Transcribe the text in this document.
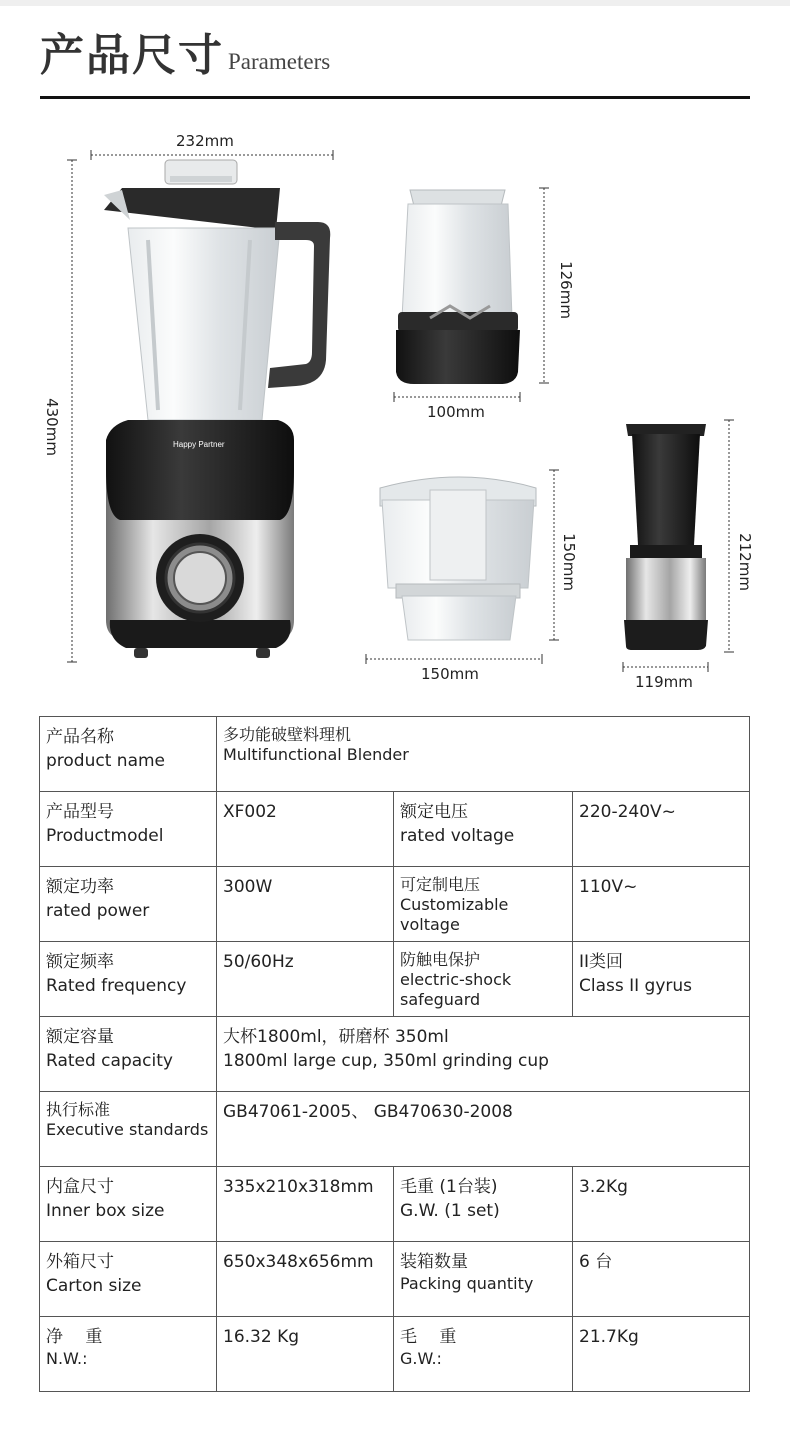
产品尺寸 Parameters
Happy Partner
232mm
430mm
126mm
100mm
150mm
150mm
212mm
119mm
产品名称
product name	多功能破壁料理机
Multifunctional Blender		

产品型号
Productmodel	XF002	额定电压
rated voltage	220-240V~

额定功率
rated power	300W	可定制电压
Customizable voltage	110V~

额定频率
Rated frequency	50/60Hz	防触电保护
electric-shock safeguard	II类回
Class II gyrus

额定容量
Rated capacity	大杯1800ml，研磨杯 350ml
1800ml large cup, 350ml grinding cup		

执行标准
Executive standards	GB47061-2005、 GB470630-2008		

内盒尺寸
Inner box size	335x210x318mm	毛重 (1台装)
G.W. (1 set)	3.2Kg

外箱尺寸
Carton size	650x348x656mm	装箱数量
Packing quantity	6 台

净　 重
N.W.:	16.32 Kg	毛　 重
G.W.:	21.7Kg
